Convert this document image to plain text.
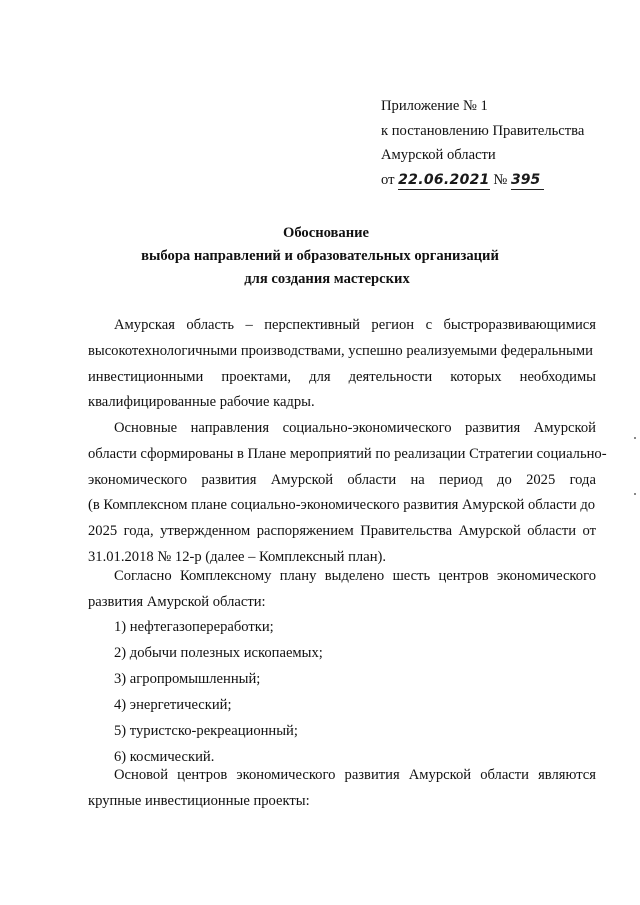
Приложение № 1
к постановлению Правительства
Амурской области
от 22.06.2021 № 395
Обоснование
выбора направлений и образовательных организаций
для создания мастерских
Амурская область – перспективный регион с быстроразвивающимися
высокотехнологичными производствами, успешно реализуемыми федеральными
инвестиционными проектами, для деятельности которых необходимы
квалифицированные рабочие кадры.
Основные направления социально-экономического развития Амурской
области сформированы в Плане мероприятий по реализации Стратегии социально-
экономического развития Амурской области на период до 2025 года
(в Комплексном плане социально-экономического развития Амурской области до
2025 года, утвержденном распоряжением Правительства Амурской области от
31.01.2018 № 12-р (далее – Комплексный план).
Согласно Комплексному плану выделено шесть центров экономического
развития Амурской области:
1) нефтегазопереработки;
2) добычи полезных ископаемых;
3) агропромышленный;
4) энергетический;
5) туристско-рекреационный;
6) космический.
Основой центров экономического развития Амурской области являются
крупные инвестиционные проекты:
